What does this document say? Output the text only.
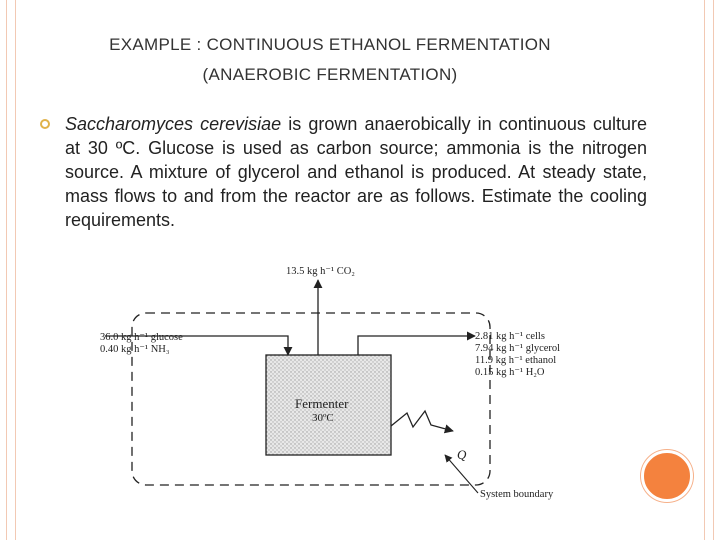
EXAMPLE : CONTINUOUS ETHANOL FERMENTATION
(ANAEROBIC FERMENTATION)
Saccharomyces cerevisiae is grown anaerobically in continuous culture at 30 ºC. Glucose is used as carbon source; ammonia is the nitrogen source. A mixture of glycerol and ethanol is produced. At steady state, mass flows to and from the reactor are as follows. Estimate the cooling requirements.
13.5 kg h⁻¹ CO₂
36.0 kg h⁻¹ glucose
0.40 kg h⁻¹ NH₃
2.81 kg h⁻¹ cells
7.94 kg h⁻¹ glycerol
11.9 kg h⁻¹ ethanol
0.15 kg h⁻¹ H₂O
Fermenter
30ºC
Q
System boundary
